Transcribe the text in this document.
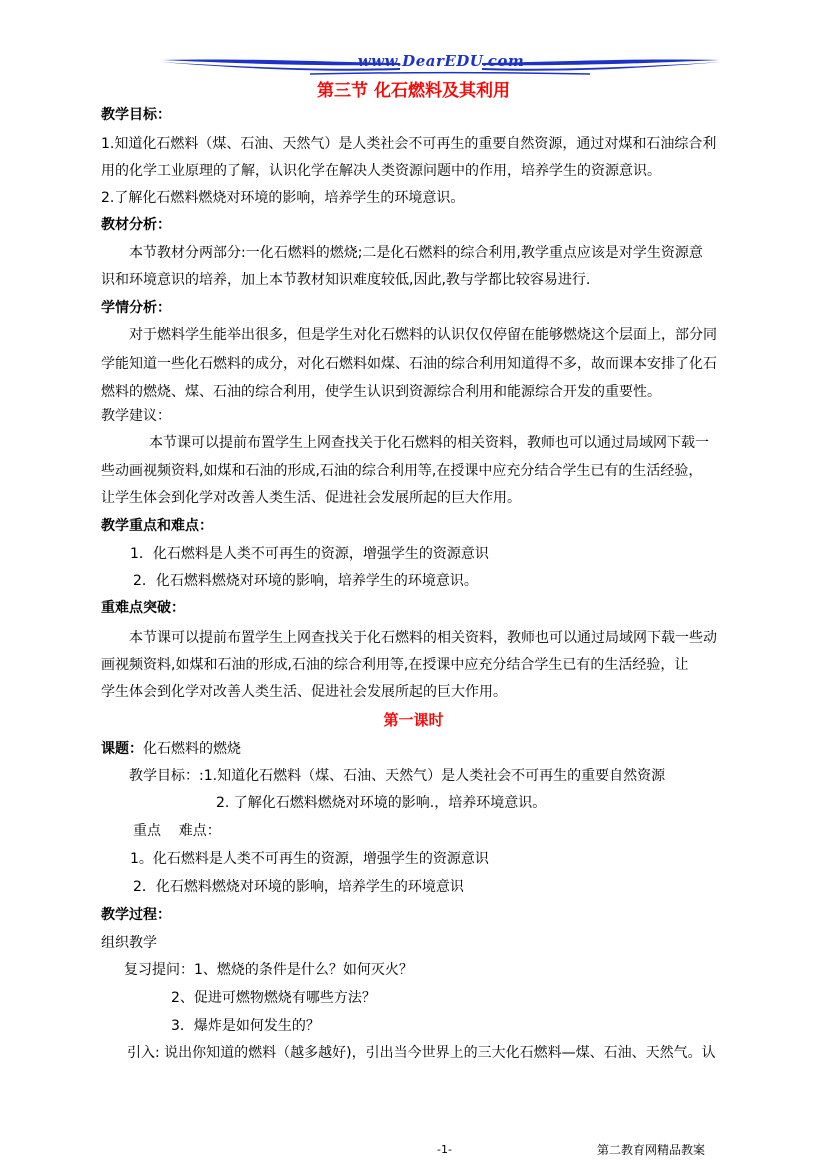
www.DearEDU.com
第三节 化石燃料及其利用
教学目标：
1.知道化石燃料（煤、石油、天然气）是人类社会不可再生的重要自然资源，通过对煤和石油综合利
用的化学工业原理的了解，认识化学在解决人类资源问题中的作用，培养学生的资源意识。
2.了解化石燃料燃烧对环境的影响，培养学生的环境意识。
教材分析：
本节教材分两部分:一化石燃料的燃烧;二是化石燃料的综合利用,教学重点应该是对学生资源意
识和环境意识的培养，加上本节教材知识难度较低,因此,教与学都比较容易进行.
学情分析：
对于燃料学生能举出很多，但是学生对化石燃料的认识仅仅停留在能够燃烧这个层面上，部分同
学能知道一些化石燃料的成分，对化石燃料如煤、石油的综合利用知道得不多，故而课本安排了化石
燃料的燃烧、煤、石油的综合利用，使学生认识到资源综合利用和能源综合开发的重要性。
教学建议：
本节课可以提前布置学生上网查找关于化石燃料的相关资料，教师也可以通过局域网下载一
些动画视频资料,如煤和石油的形成,石油的综合利用等,在授课中应充分结合学生已有的生活经验，
让学生体会到化学对改善人类生活、促进社会发展所起的巨大作用。
教学重点和难点：
1．化石燃料是人类不可再生的资源，增强学生的资源意识
2．化石燃料燃烧对环境的影响，培养学生的环境意识。
重难点突破：
本节课可以提前布置学生上网查找关于化石燃料的相关资料，教师也可以通过局域网下载一些动
画视频资料,如煤和石油的形成,石油的综合利用等,在授课中应充分结合学生已有的生活经验，让
学生体会到化学对改善人类生活、促进社会发展所起的巨大作用。
第一课时
课题：化石燃料的燃烧
教学目标：:1.知道化石燃料（煤、石油、天然气）是人类社会不可再生的重要自然资源
2. 了解化石燃料燃烧对环境的影响.，培养环境意识。
重点    难点：
1。化石燃料是人类不可再生的资源，增强学生的资源意识
2．化石燃料燃烧对环境的影响，培养学生的环境意识
教学过程：
组织教学
复习提问：1、燃烧的条件是什么？如何灭火？
2、促进可燃物燃烧有哪些方法？
3．爆炸是如何发生的？
引入: 说出你知道的燃料（越多越好)，引出当今世界上的三大化石燃料—煤、石油、天然气。认
-1-	第二教育网精品教案
